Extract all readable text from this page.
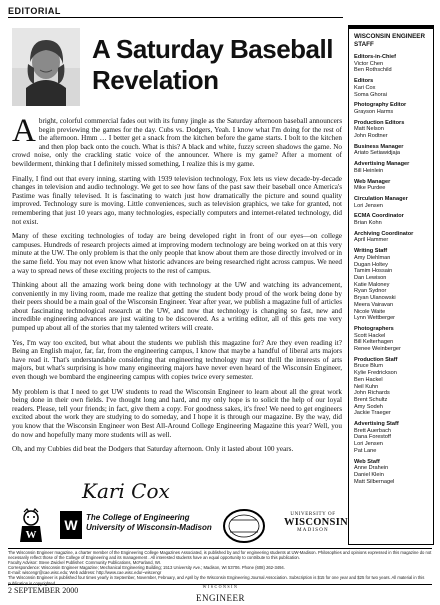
EDITORIAL
A Saturday Baseball Revelation

Abright, colorful commercial fades out with its funny jingle as the Saturday afternoon baseball announcers begin previewing the games for the day. Cubs vs. Dodgers, Yeah. I know what I'm doing for the rest of the afternoon. Hmm … I better get a snack from the kitchen before the game starts. I bolt to the kitchen and then plop back onto the couch. What is this? A black and white, fuzzy screen shadows the game. No crowd noise, only the crackling static voice of the announcer. Where is my game? After a moment of bewilderment, thinking that I definitely missed something, I realize this is my game.

Finally, I find out that every inning, starting with 1939 television technology, Fox lets us view decade-by-decade changes in television and audio technology. We get to see how fans of the past saw their baseball once America's Pastime was finally televised. It is fascinating to watch just how dramatically the picture and sound quality improved. Technology sure is moving. Little conveniences, such as television graphics, we take for granted, not remembering that just 10 years ago, many technologies, especially computers and internet-related technology, did not exist.

Many of these exciting technologies of today are being developed right in front of our eyes—on college campuses. Hundreds of research projects aimed at improving modern technology are being worked on at this very minute at the UW. The only problem is that the only people that know about them are those directly involved or in the same field. You may not even know what historic advances are being researched right across campus. We need a way to spread news of these exciting projects to the rest of campus.

Thinking about all the amazing work being done with technology at the UW and watching its advancement, conveniently in my living room, made me realize that getting the student body proud of the work being done by their peers should be a main goal of the Wisconsin Engineer. Year after year, we publish a magazine full of articles about fascinating technological research at the UW, and now that technology is changing so fast, new and incredible engineering advances are just waiting to be discovered. As a writing editor, all of this gets me very pumped up about all of the stories that my talented writers will create.

Yes, I'm way too excited, but what about the students we publish this magazine for? Are they even reading it? Being an English major, far, far, from the engineering campus, I know that maybe a handful of liberal arts majors have read it. That's understandable considering that engineering technology may not thrill the interests of arts majors, but what's surprising is how many engineering majors have never even heard of the Wisconsin Engineer, even though we bombard the engineering campus with copies twice every semester.

My problem is that I need to get UW students to read the Wisconsin Engineer to learn about all the great work being done in their own fields. I've thought long and hard, and my only hope is to solicit the help of our loyal readers. Please, tell your friends; in fact, give them a copy. For goodness sakes, it's free! We need to get engineers excited about the work they are studying to do someday, and I hope it is through our magazine. By the way, did you know that the Wisconsin Engineer won Best All-Around College Engineering Magazine this year? Well, you do now and hopefully many more students will as well.

Oh, and my Cubbies did beat the Dodgers that Saturday afternoon. Only it lasted about 100 years.

Kari Cox
W
W	The College of Engineering
University of Wisconsin-Madison
UNIVERSITY OF
WISCONSIN
MADISON

The Wisconsin Engineer magazine, a charter member of the Engineering College Magazines Associated, is published by and for engineering students at UW-Madison. Philosophies and opinions expressed in this magazine do not necessarily reflect those of the College of Engineering and its management . All interested students have an equal opportunity to contribute to this publication.

Faculty Advisor: Steve Zwickel Publisher: Community Publications, McFarland, WI.

Correspondence: Wisconsin Engineer Magazine; Mechanical Engineering Building; 1513 University Ave.; Madison, WI 53706. Phone (608) 262-3494.

E-mail: wiscengr@cae.wisc.edu; Web address: http://www.cae.wisc.edu/~wiscengr

The Wisconsin Engineer is published four times yearly in September, November, February, and April by the Wisconsin Engineering Journal Association. Subscription is $15 for one year and $25 for two years. All material in this

2 SEPTEMBER 2000	WISCONSIN
ENGINEER
WISCONSIN ENGINEER STAFF
Editors-in-Chief
Victor Chen
Ben Rothschild
Editors
Kari Cox
Soma Ghorai
Photography Editor
Grayson Harms
Production Editors
Matt Nelson
John Rodtner
Business Manager
Ariato Setiawidjaja
Advertising Manager
Bill Heinlein
Web Manager
Mike Purdee
Circulation Manager
Lori Jensen
ECMA Coordinator
Brian Kohn
Archiving Coordinator
April Hammer
Writing Staff
Amy Diehlman
Dugan Holtey
Tamim Hossain
Dan Lewison
Katie Maloney
Ryan Sydnor
Bryan Ulanowski
Meera Vairavan
Nicole Waite
Lynn Wettberger
Photographers
Scott Hackel
Bill Kelterhagen
Renee Weinberger
Production Staff
Bruce Blum
Kylie Fredrickson
Ben Hackel
Neil Kuhn
John Richards
Brent Schultz
Amy Sodeh
Jackie Traeger
Advertising Staff
Brett Auerbach
Dana Forestoff
Lori Jensen
Pat Lane
Web Staff
Anne Drahein
Daniel Klein
Matt Silbernagel
